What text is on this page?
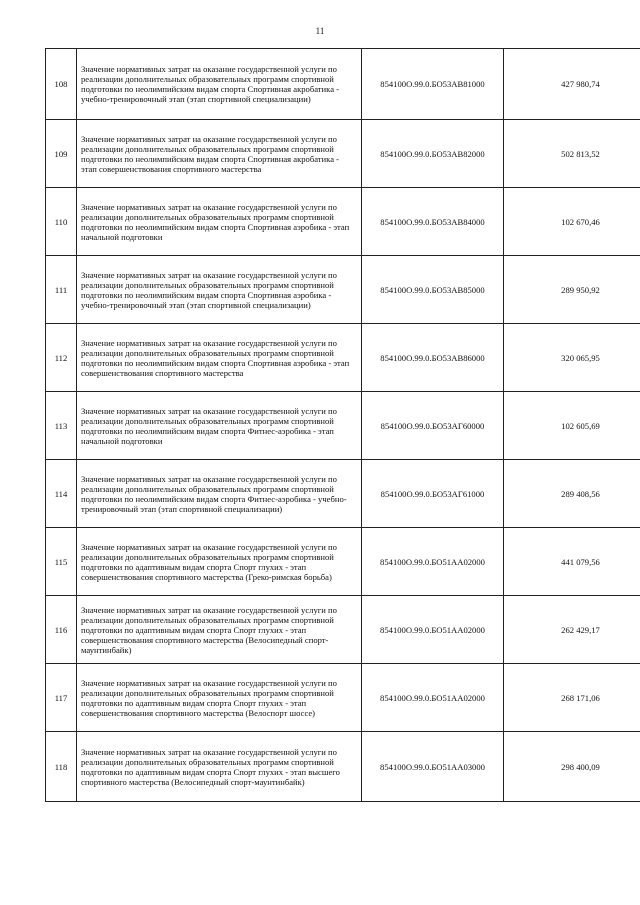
11
108	Значение нормативных затрат на оказание государственной услуги по реализации дополнительных образовательных программ спортивной подготовки по неолимпийским видам спорта Спортивная акробатика - учебно-тренировочный этап (этап спортивной специализации)	854100О.99.0.БО53АВ81000	427 980,74
109	Значение нормативных затрат на оказание государственной услуги по реализации дополнительных образовательных программ спортивной подготовки по неолимпийским видам спорта Спортивная акробатика - этап совершенствования спортивного мастерства	854100О.99.0.БО53АВ82000	502 813,52
110	Значение нормативных затрат на оказание государственной услуги по реализации дополнительных образовательных программ спортивной подготовки по неолимпийским видам спорта Спортивная аэробика - этап начальной подготовки	854100О.99.0.БО53АВ84000	102 670,46
111	Значение нормативных затрат на оказание государственной услуги по реализации дополнительных образовательных программ спортивной подготовки по неолимпийским видам спорта Спортивная аэробика - учебно-тренировочный этап (этап спортивной специализации)	854100О.99.0.БО53АВ85000	289 950,92
112	Значение нормативных затрат на оказание государственной услуги по реализации дополнительных образовательных программ спортивной подготовки по неолимпийским видам спорта Спортивная аэробика - этап совершенствования спортивного мастерства	854100О.99.0.БО53АВ86000	320 065,95
113	Значение нормативных затрат на оказание государственной услуги по реализации дополнительных образовательных программ спортивной подготовки по неолимпийским видам спорта Фитнес-аэробика - этап начальной подготовки	854100О.99.0.БО53АГ60000	102 605,69
114	Значение нормативных затрат на оказание государственной услуги по реализации дополнительных образовательных программ спортивной подготовки по неолимпийским видам спорта Фитнес-аэробика - учебно-тренировочный этап (этап спортивной специализации)	854100О.99.0.БО53АГ61000	289 408,56
115	Значение нормативных затрат на оказание государственной услуги по реализации дополнительных образовательных программ спортивной подготовки по адаптивным видам спорта Спорт глухих - этап совершенствования спортивного мастерства (Греко-римская борьба)	854100О.99.0.БО51АА02000	441 079,56
116	Значение нормативных затрат на оказание государственной услуги по реализации дополнительных образовательных программ спортивной подготовки по адаптивным видам спорта Спорт глухих - этап совершенствования спортивного мастерства (Велосипедный спорт-маунтинбайк)	854100О.99.0.БО51АА02000	262 429,17
117	Значение нормативных затрат на оказание государственной услуги по реализации дополнительных образовательных программ спортивной подготовки по адаптивным видам спорта Спорт глухих - этап совершенствования спортивного мастерства (Велоспорт шоссе)	854100О.99.0.БО51АА02000	268 171,06
118	Значение нормативных затрат на оказание государственной услуги по реализации дополнительных образовательных программ спортивной подготовки по адаптивным видам спорта Спорт глухих - этап высшего спортивного мастерства (Велосипедный спорт-маунтинбайк)	854100О.99.0.БО51АА03000	298 400,09
